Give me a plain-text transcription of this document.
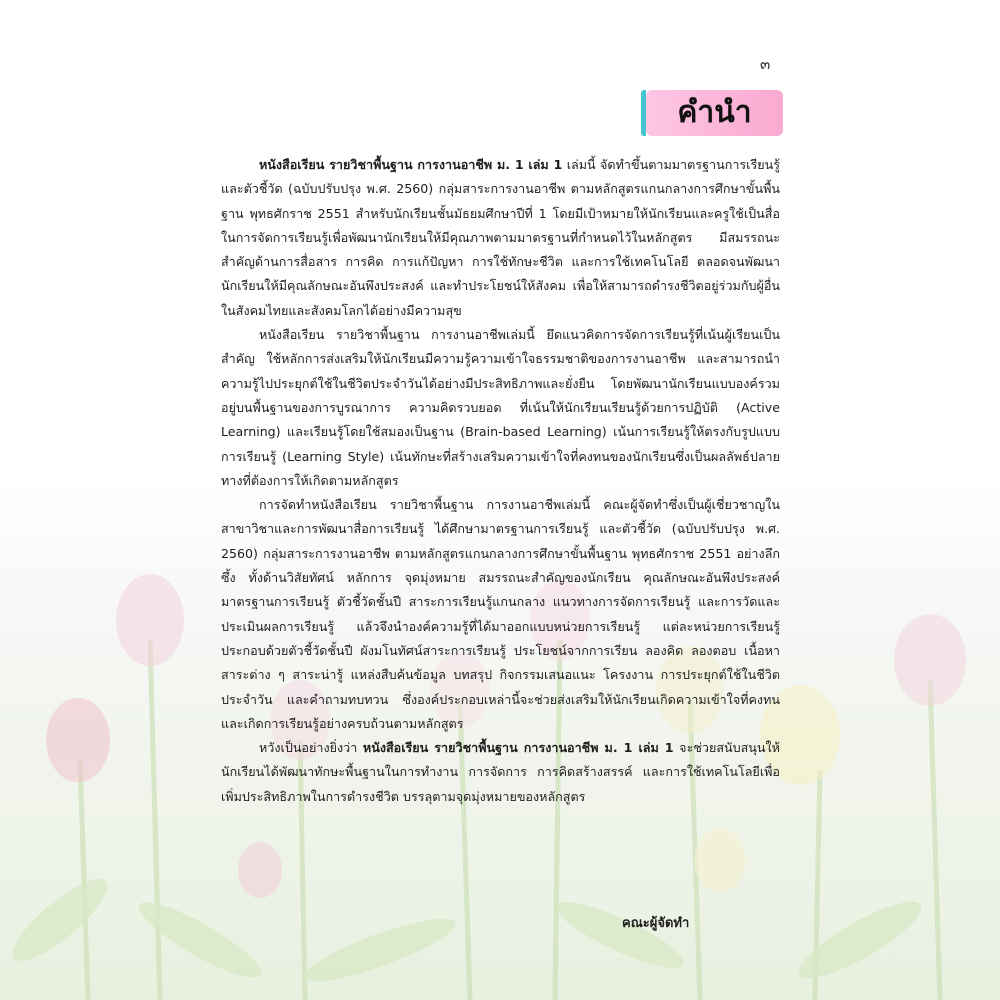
๓
คำนำ

หนังสือเรียน รายวิชาพื้นฐาน การงานอาชีพ ม. 1 เล่ม 1 เล่มนี้ จัดทำขึ้นตามมาตรฐานการเรียนรู้และตัวชี้วัด (ฉบับปรับปรุง พ.ศ. 2560) กลุ่มสาระการงานอาชีพ ตามหลักสูตรแกนกลางการศึกษาขั้นพื้นฐาน พุทธศักราช 2551 สำหรับนักเรียนชั้นมัธยมศึกษาปีที่ 1 โดยมีเป้าหมายให้นักเรียนและครูใช้เป็นสื่อในการจัดการเรียนรู้เพื่อพัฒนานักเรียนให้มีคุณภาพตามมาตรฐานที่กำหนดไว้ในหลักสูตร มีสมรรถนะสำคัญด้านการสื่อสาร การคิด การแก้ปัญหา การใช้ทักษะชีวิต และการใช้เทคโนโลยี ตลอดจนพัฒนานักเรียนให้มีคุณลักษณะอันพึงประสงค์ และทำประโยชน์ให้สังคม เพื่อให้สามารถดำรงชีวิตอยู่ร่วมกับผู้อื่นในสังคมไทยและสังคมโลกได้อย่างมีความสุข

หนังสือเรียน รายวิชาพื้นฐาน การงานอาชีพเล่มนี้ ยึดแนวคิดการจัดการเรียนรู้ที่เน้นผู้เรียนเป็นสำคัญ ใช้หลักการส่งเสริมให้นักเรียนมีความรู้ความเข้าใจธรรมชาติของการงานอาชีพ และสามารถนำความรู้ไปประยุกต์ใช้ในชีวิตประจำวันได้อย่างมีประสิทธิภาพและยั่งยืน โดยพัฒนานักเรียนแบบองค์รวมอยู่บนพื้นฐานของการบูรณาการ ความคิดรวบยอด ที่เน้นให้นักเรียนเรียนรู้ด้วยการปฏิบัติ (Active Learning) และเรียนรู้โดยใช้สมองเป็นฐาน (Brain-based Learning) เน้นการเรียนรู้ให้ตรงกับรูปแบบการเรียนรู้ (Learning Style) เน้นทักษะที่สร้างเสริมความเข้าใจที่คงทนของนักเรียนซึ่งเป็นผลลัพธ์ปลายทางที่ต้องการให้เกิดตามหลักสูตร

การจัดทำหนังสือเรียน รายวิชาพื้นฐาน การงานอาชีพเล่มนี้ คณะผู้จัดทำซึ่งเป็นผู้เชี่ยวชาญในสาขาวิชาและการพัฒนาสื่อการเรียนรู้ ได้ศึกษามาตรฐานการเรียนรู้ และตัวชี้วัด (ฉบับปรับปรุง พ.ศ. 2560) กลุ่มสาระการงานอาชีพ ตามหลักสูตรแกนกลางการศึกษาขั้นพื้นฐาน พุทธศักราช 2551 อย่างลึกซึ้ง ทั้งด้านวิสัยทัศน์ หลักการ จุดมุ่งหมาย สมรรถนะสำคัญของนักเรียน คุณลักษณะอันพึงประสงค์ มาตรฐานการเรียนรู้ ตัวชี้วัดชั้นปี สาระการเรียนรู้แกนกลาง แนวทางการจัดการเรียนรู้ และการวัดและประเมินผลการเรียนรู้ แล้วจึงนำองค์ความรู้ที่ได้มาออกแบบหน่วยการเรียนรู้ แต่ละหน่วยการเรียนรู้ประกอบด้วยตัวชี้วัดชั้นปี ผังมโนทัศน์สาระการเรียนรู้ ประโยชน์จากการเรียน ลองคิด ลองตอบ เนื้อหาสาระต่าง ๆ สาระน่ารู้ แหล่งสืบค้นข้อมูล บทสรุป กิจกรรมเสนอแนะ โครงงาน การประยุกต์ใช้ในชีวิตประจำวัน และคำถามทบทวน ซึ่งองค์ประกอบเหล่านี้จะช่วยส่งเสริมให้นักเรียนเกิดความเข้าใจที่คงทน และเกิดการเรียนรู้อย่างครบถ้วนตามหลักสูตร

หวังเป็นอย่างยิ่งว่า หนังสือเรียน รายวิชาพื้นฐาน การงานอาชีพ ม. 1 เล่ม 1 จะช่วยสนับสนุนให้นักเรียนได้พัฒนาทักษะพื้นฐานในการทำงาน การจัดการ การคิดสร้างสรรค์ และการใช้เทคโนโลยีเพื่อเพิ่มประสิทธิภาพในการดำรงชีวิต บรรลุตามจุดมุ่งหมายของหลักสูตร

คณะผู้จัดทำ
